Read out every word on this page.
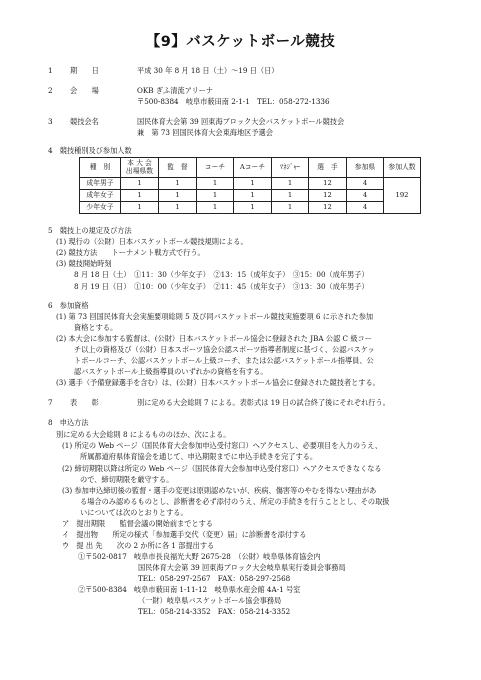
【9】バスケットボール競技
1 期　　日	平成 30 年 8 月 18 日（土）〜19 日（日）
2 会　　場	OKB ぎふ清流アリーナ
〒500-8384　岐阜市薮田南 2-1-1　TEL：058-272-1336
3 競技会名	国民体育大会第 39 回東海ブロック大会バスケットボール競技会
兼　第 73 回国民体育大会東海地区予選会
4　競技種別及び参加人数
種　別	本 大 会
出場県数	監　督	コーチ	Aコーチ	ﾏﾈｼﾞｬｰ	選　手	参加県	参加人数
成年男子	1	1	1	1	1	12	4	192
成年女子	1	1	1	1	1	12	4	
少年女子	1	1	1	1	1	12	4	
5　競技上の規定及び方法
(1) 現行の（公財）日本バスケットボール競技規則による。
(2) 競技方法　　トーナメント戦方式で行う。
(3) 競技開始時刻
8 月 18 日（土）　①11：30（少年女子）　②13：15（成年女子）　③15：00（成年男子）
8 月 19 日（日）　①10：00（少年女子）　②11：45（成年女子）　③13：30（成年男子）
6　参加資格
(1) 第 73 回国民体育大会実施要項総則 5 及び同バスケットボール競技実施要項 6 に示された参加
資格とする。
(2) 本大会に参加する監督は、(公財）日本バスケットボール協会に登録された JBA 公認 C 級コー
チ以上の資格及び（公財）日本スポーツ協会公認スポーツ指導者制度に基づく、公認バスケッ
トボールコーチ、公認バスケットボール上級コーチ、または公認バスケットボール指導員、公
認バスケットボール上級指導員のいずれかの資格を有する。
(3) 選手（予備登録選手を含む）は、(公財）日本バスケットボール協会に登録された競技者とする。
7 表　　彰	別に定める大会総則 7 による。表彰式は 19 日の試合終了後にそれぞれ行う。
8　申込方法
別に定める大会総則 8 によるもののほか、次による。
(1) 所定の Web ページ（国民体育大会参加申込受付窓口）へアクセスし、必要項目を入力のうえ、
所属都道府県体育協会を通じて、申込期限までに申込手続きを完了する。
(2) 締切期限以降は所定の Web ページ（国民体育大会参加申込受付窓口）へアクセスできなくなる
ので、締切期限を厳守する。
(3) 参加申込締切後の監督・選手の変更は原則認めないが、疾病、傷害等のやむを得ない理由があ
る場合のみ認めるものとし、診断書を必ず添付のうえ、所定の手続きを行うこととし、その取扱
いについては次のとおりとする。
ア　提出期限　　監督会議の開始前までとする
イ　提出物　　所定の様式「参加選手交代（変更）届」に診断書を添付する
ウ　提 出 先　　次の 2 か所に各 1 部提出する
①〒502-0817　岐阜市長良福光大野 2675-28　（公財）岐阜県体育協会内
国民体育大会第 39 回東海ブロック大会岐阜県実行委員会事務局
TEL：058-297-2567　FAX：058-297-2568
②〒500-8384　岐阜市薮田南 1-11-12　岐阜県水産会館 4A-1 号室
（一財）岐阜県バスケットボール協会事務局
TEL：058-214-3352　FAX：058-214-3352
